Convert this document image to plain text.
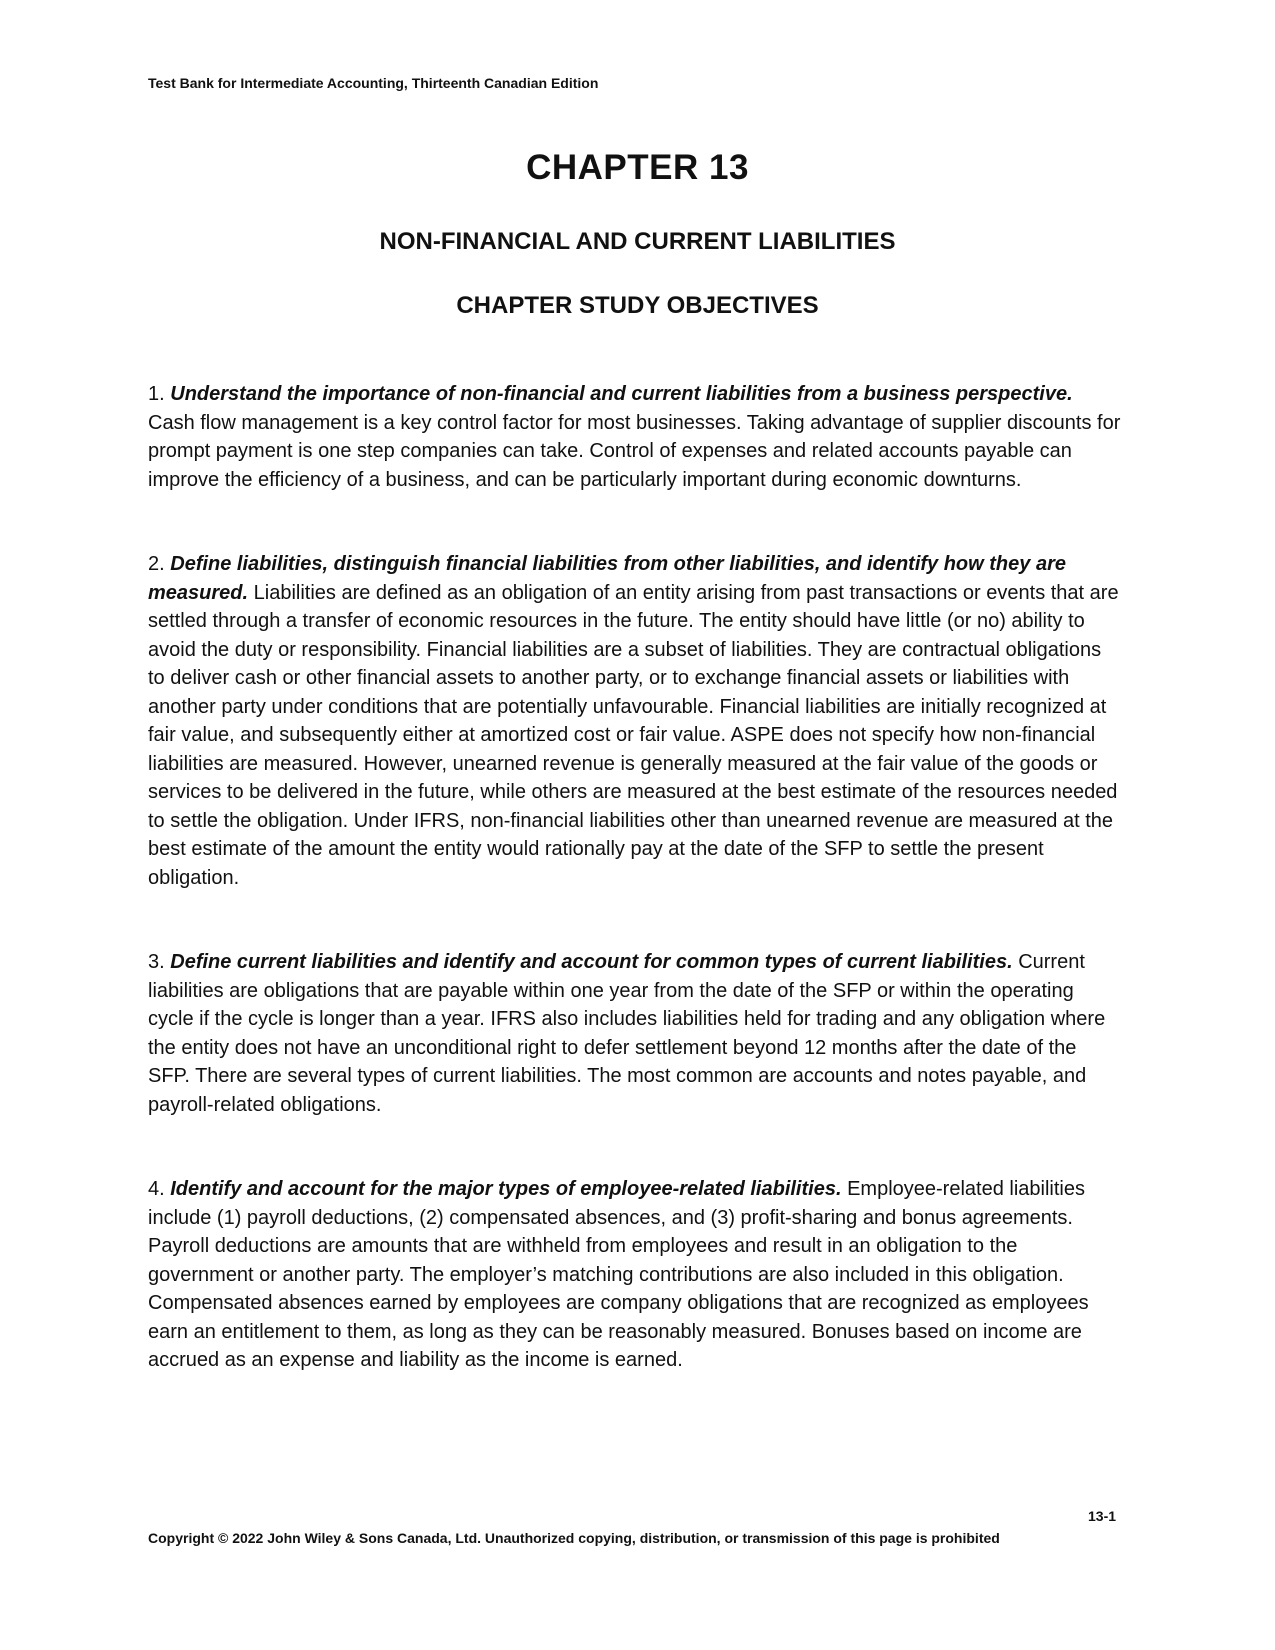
Test Bank for Intermediate Accounting, Thirteenth Canadian Edition
CHAPTER 13
NON-FINANCIAL AND CURRENT LIABILITIES
CHAPTER STUDY OBJECTIVES

1. Understand the importance of non-financial and current liabilities from a business perspective. Cash flow management is a key control factor for most businesses. Taking advantage of supplier discounts for prompt payment is one step companies can take. Control of expenses and related accounts payable can improve the efficiency of a business, and can be particularly important during economic downturns.

2. Define liabilities, distinguish financial liabilities from other liabilities, and identify how they are measured. Liabilities are defined as an obligation of an entity arising from past transactions or events that are settled through a transfer of economic resources in the future. The entity should have little (or no) ability to avoid the duty or responsibility. Financial liabilities are a subset of liabilities. They are contractual obligations to deliver cash or other financial assets to another party, or to exchange financial assets or liabilities with another party under conditions that are potentially unfavourable. Financial liabilities are initially recognized at fair value, and subsequently either at amortized cost or fair value. ASPE does not specify how non-financial liabilities are measured. However, unearned revenue is generally measured at the fair value of the goods or services to be delivered in the future, while others are measured at the best estimate of the resources needed to settle the obligation. Under IFRS, non-financial liabilities other than unearned revenue are measured at the best estimate of the amount the entity would rationally pay at the date of the SFP to settle the present obligation.

3. Define current liabilities and identify and account for common types of current liabilities. Current liabilities are obligations that are payable within one year from the date of the SFP or within the operating cycle if the cycle is longer than a year. IFRS also includes liabilities held for trading and any obligation where the entity does not have an unconditional right to defer settlement beyond 12 months after the date of the SFP. There are several types of current liabilities. The most common are accounts and notes payable, and payroll-related obligations.

4. Identify and account for the major types of employee-related liabilities. Employee-related liabilities include (1) payroll deductions, (2) compensated absences, and (3) profit-sharing and bonus agreements. Payroll deductions are amounts that are withheld from employees and result in an obligation to the government or another party. The employer’s matching contributions are also included in this obligation. Compensated absences earned by employees are company obligations that are recognized as employees earn an entitlement to them, as long as they can be reasonably measured. Bonuses based on income are accrued as an expense and liability as the income is earned.

13-1
Copyright © 2022 John Wiley & Sons Canada, Ltd. Unauthorized copying, distribution, or transmission of this page is prohibited
